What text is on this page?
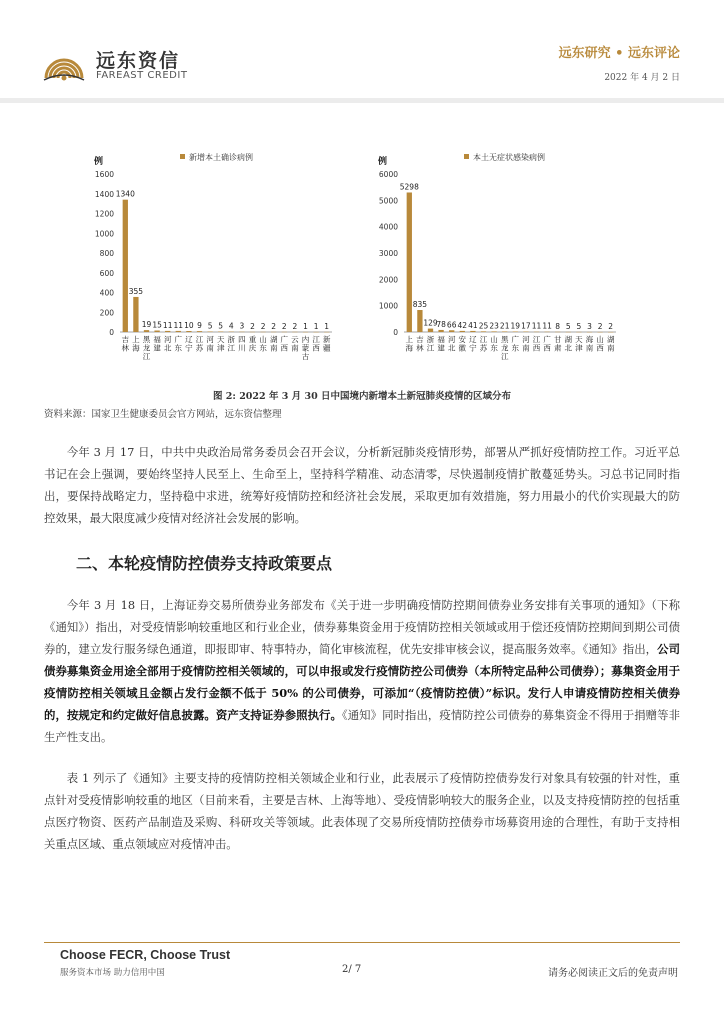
远东资信
FAREAST CREDIT
远东研究 • 远东评论
2022 年 4 月 2 日
例	新增本土确诊病例
0
200
400
600
800
1000
1200
1400
1600
1340
吉林
355
上海
19
黑龙江
15
福建
11
河北
11
广东
10
辽宁
9
江苏
5
河南
5
天津
4
浙江
3
四川
2
重庆
2
山东
2
湖南
2
广西
2
云南
1
内蒙古
1
江西
1
新疆
例	本土无症状感染病例
0
1000
2000
3000
4000
5000
6000
5298
上海
835
吉林
129
浙江
78
福建
66
河北
42
安徽
41
辽宁
25
江苏
23
山东
21
黑龙江
19
广东
17
河南
11
江西
11
广西
8
甘肃
5
湖北
5
天津
3
海南
2
山西
2
湖南
图 2: 2022 年 3 月 30 日中国境内新增本土新冠肺炎疫情的区域分布
资料来源：国家卫生健康委员会官方网站，远东资信整理

今年 3 月 17 日，中共中央政治局常务委员会召开会议，分析新冠肺炎疫情形势，部署从严抓好疫情防控工作。习近平总书记在会上强调，要始终坚持人民至上、生命至上，坚持科学精准、动态清零，尽快遏制疫情扩散蔓延势头。习总书记同时指出，要保持战略定力，坚持稳中求进，统筹好疫情防控和经济社会发展，采取更加有效措施，努力用最小的代价实现最大的防控效果，最大限度减少疫情对经济社会发展的影响。

二、本轮疫情防控债券支持政策要点

今年 3 月 18 日，上海证券交易所债券业务部发布《关于进一步明确疫情防控期间债券业务安排有关事项的通知》（下称《通知》）指出，对受疫情影响较重地区和行业企业，债券募集资金用于疫情防控相关领域或用于偿还疫情防控期间到期公司债券的，建立发行服务绿色通道，即报即审、特事特办，简化审核流程，优先安排审核会议，提高服务效率。《通知》指出，公司债券募集资金用途全部用于疫情防控相关领域的，可以申报或发行疫情防控公司债券（本所特定品种公司债券）；募集资金用于疫情防控相关领域且金额占发行金额不低于 50% 的公司债券，可添加“（疫情防控债）”标识。发行人申请疫情防控相关债券的，按规定和约定做好信息披露。资产支持证券参照执行。《通知》同时指出，疫情防控公司债券的募集资金不得用于捐赠等非生产性支出。

表 1 列示了《通知》主要支持的疫情防控相关领域企业和行业，此表展示了疫情防控债券发行对象具有较强的针对性，重点针对受疫情影响较重的地区（目前来看，主要是吉林、上海等地）、受疫情影响较大的服务企业，以及支持疫情防控的包括重点医疗物资、医药产品制造及采购、科研攻关等领域。此表体现了交易所疫情防控债券市场募资用途的合理性，有助于支持相关重点区域、重点领域应对疫情冲击。

Choose FECR, Choose Trust
服务资本市场 助力信用中国	2/ 7	请务必阅读正文后的免责声明
